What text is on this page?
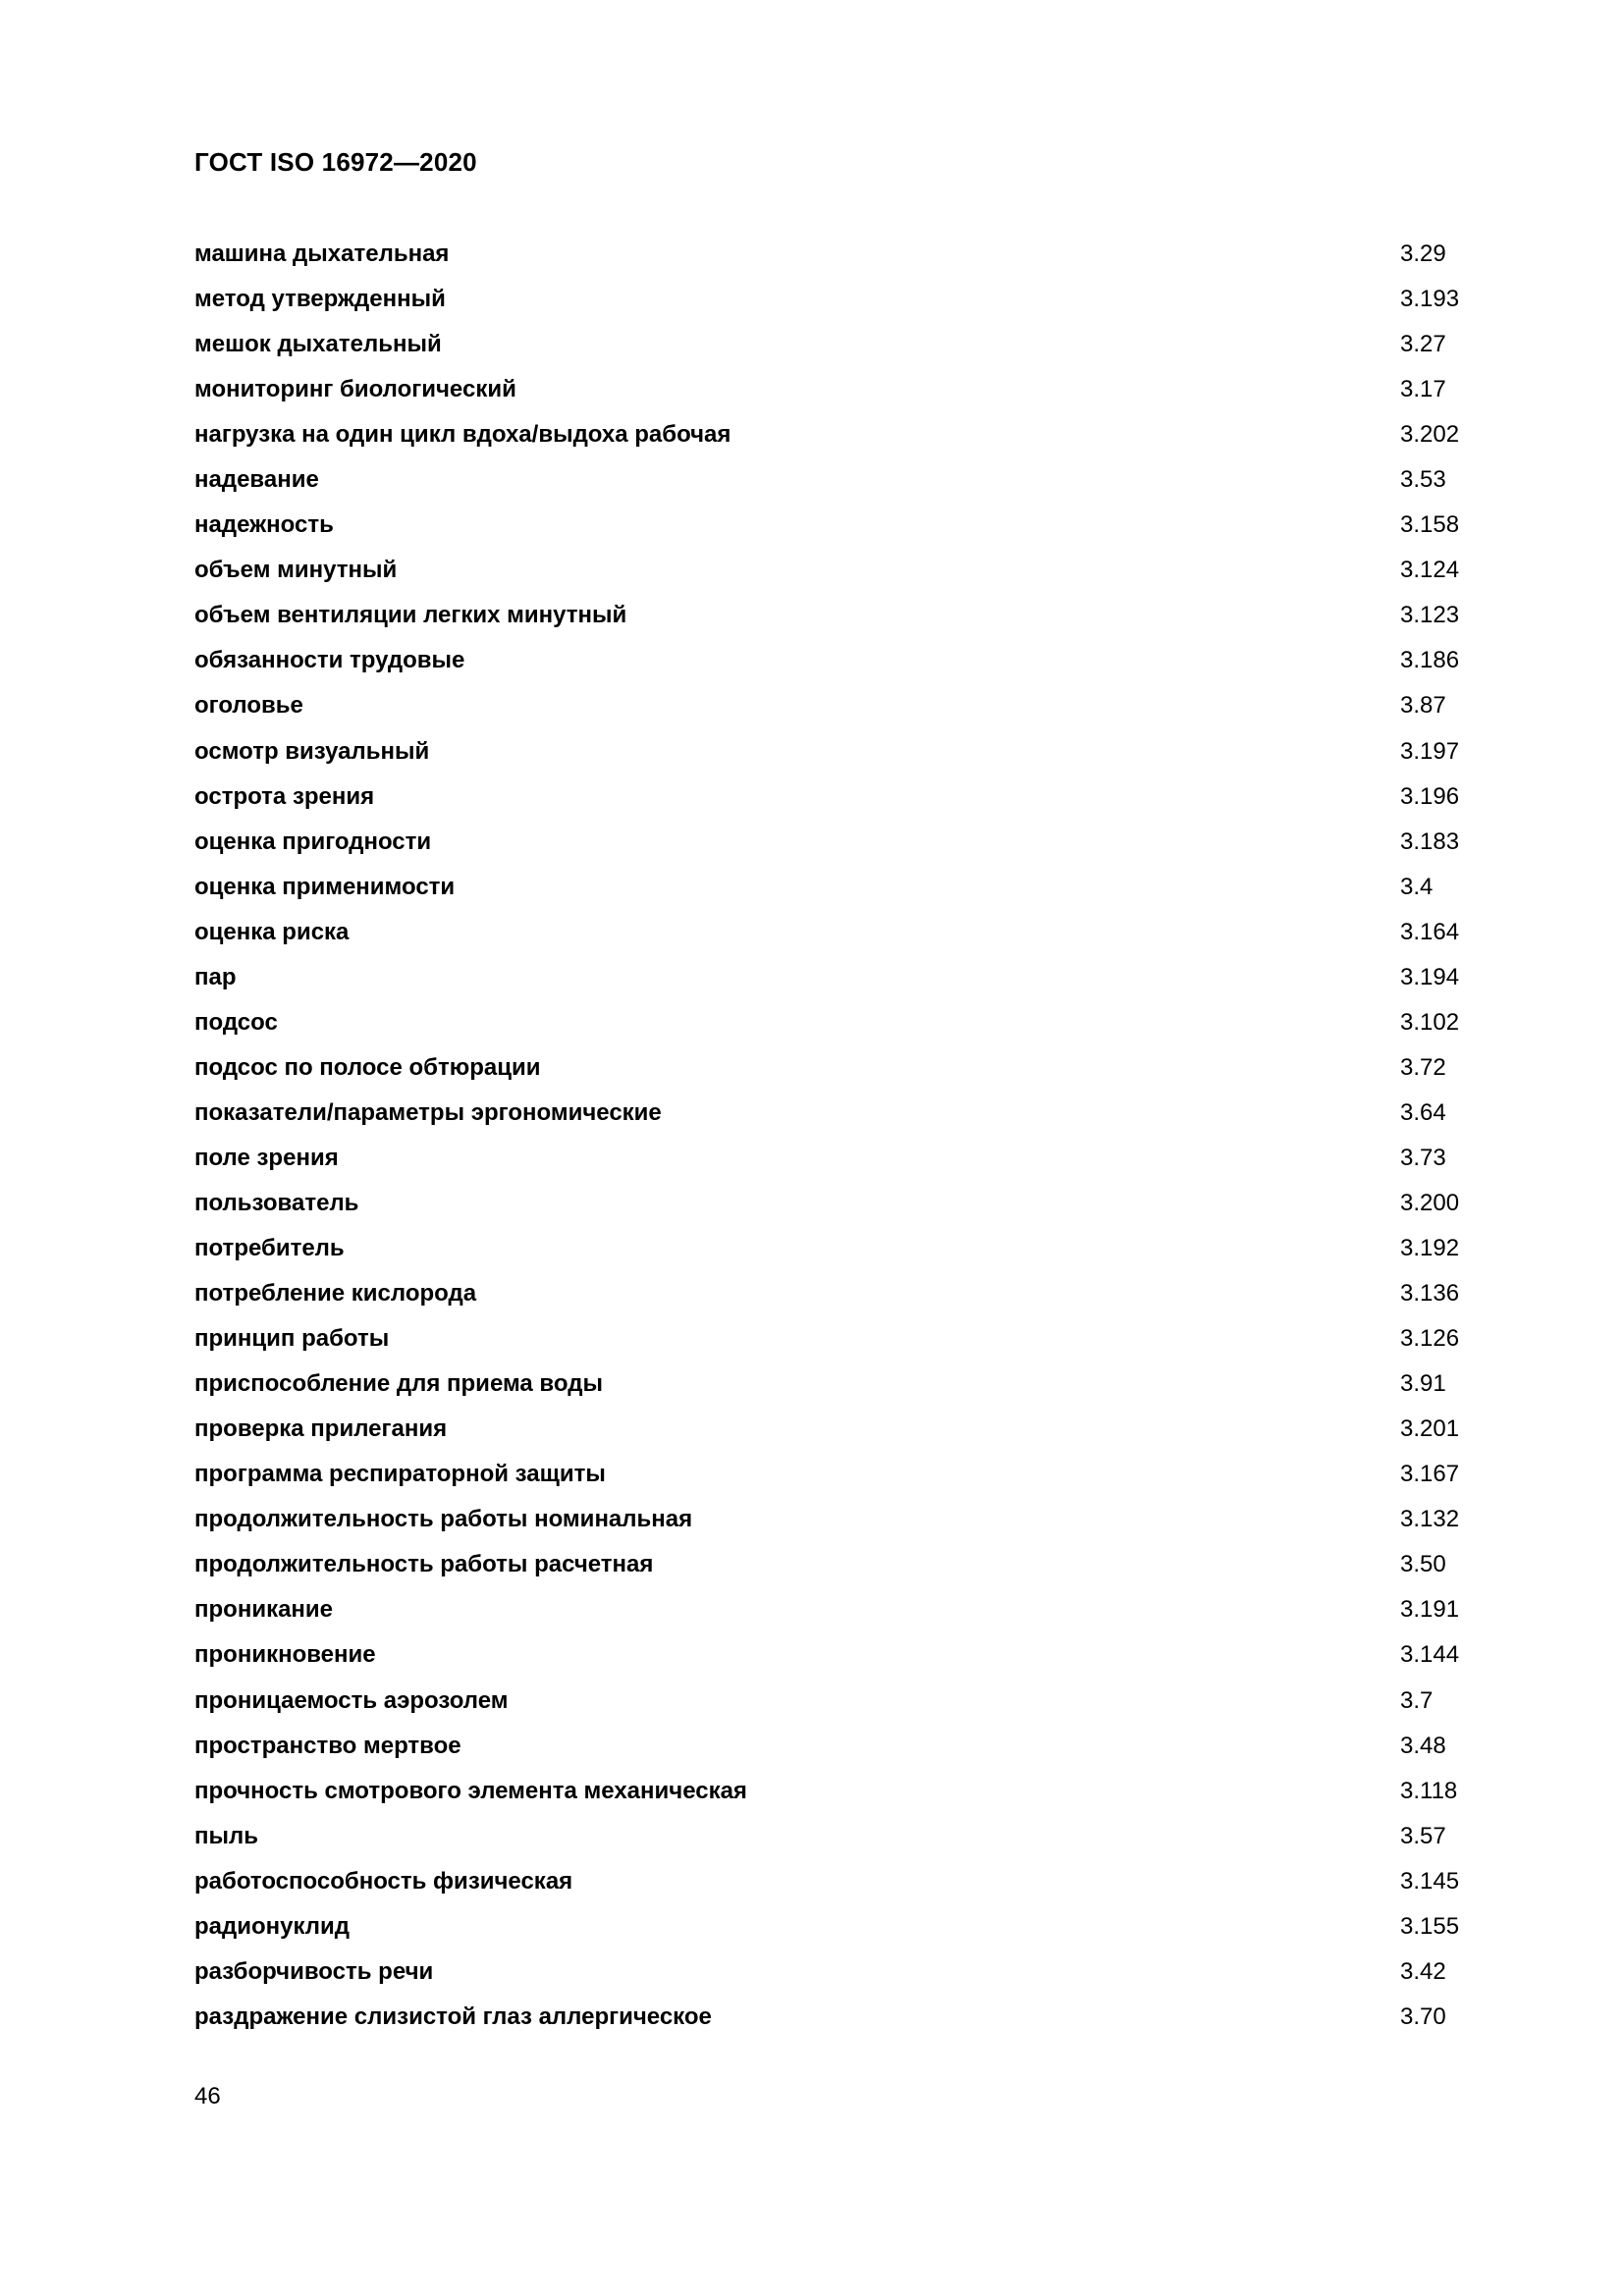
ГОСТ ISO 16972—2020
машина дыхательная	3.29
метод утвержденный	3.193
мешок дыхательный	3.27
мониторинг биологический	3.17
нагрузка на один цикл вдоха/выдоха рабочая	3.202
надевание	3.53
надежность	3.158
объем минутный	3.124
объем вентиляции легких минутный	3.123
обязанности трудовые	3.186
оголовье	3.87
осмотр визуальный	3.197
острота зрения	3.196
оценка пригодности	3.183
оценка применимости	3.4
оценка риска	3.164
пар	3.194
подсос	3.102
подсос по полосе обтюрации	3.72
показатели/параметры эргономические	3.64
поле зрения	3.73
пользователь	3.200
потребитель	3.192
потребление кислорода	3.136
принцип работы	3.126
приспособление для приема воды	3.91
проверка прилегания	3.201
программа респираторной защиты	3.167
продолжительность работы номинальная	3.132
продолжительность работы расчетная	3.50
проникание	3.191
проникновение	3.144
проницаемость аэрозолем	3.7
пространство мертвое	3.48
прочность смотрового элемента механическая	3.118
пыль	3.57
работоспособность физическая	3.145
радионуклид	3.155
разборчивость речи	3.42
раздражение слизистой глаз аллергическое	3.70
46
